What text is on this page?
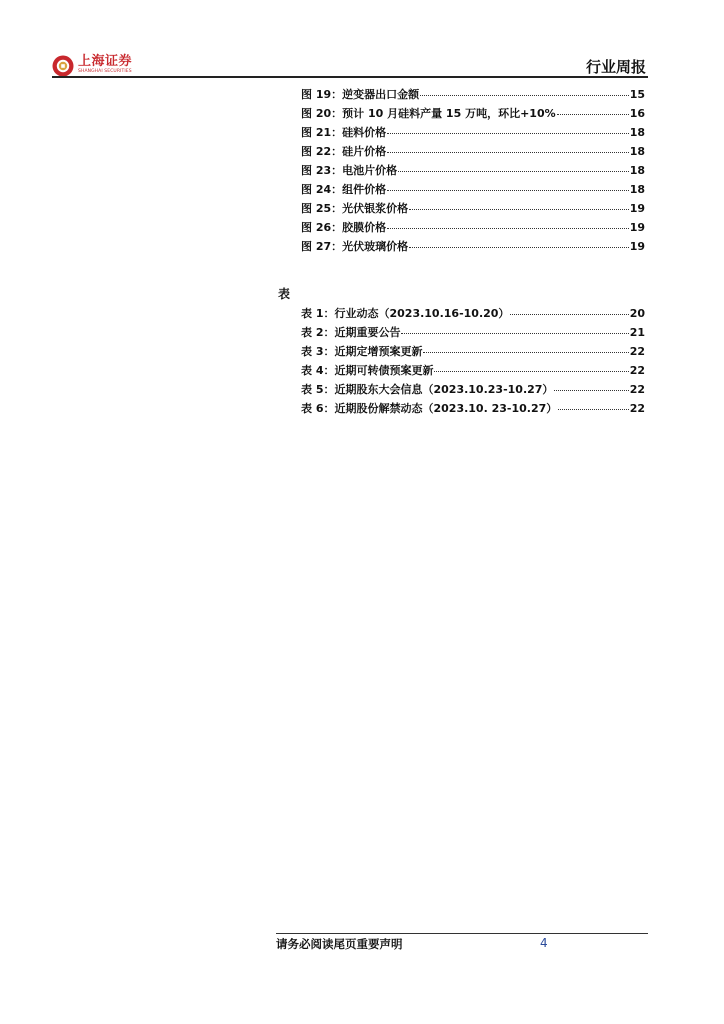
上海证券
SHANGHAI SECURITIES	行业周报
图 19：逆变器出口金额	15
图 20：预计 10 月硅料产量 15 万吨，环比+10%	16
图 21：硅料价格	18
图 22：硅片价格	18
图 23：电池片价格	18
图 24：组件价格	18
图 25：光伏银浆价格	19
图 26：胶膜价格	19
图 27：光伏玻璃价格	19
表
表 1：行业动态（2023.10.16-10.20）	20
表 2：近期重要公告	21
表 3：近期定增预案更新	22
表 4：近期可转债预案更新	22
表 5：近期股东大会信息（2023.10.23-10.27）	22
表 6：近期股份解禁动态（2023.10. 23-10.27）	22
请务必阅读尾页重要声明	4
